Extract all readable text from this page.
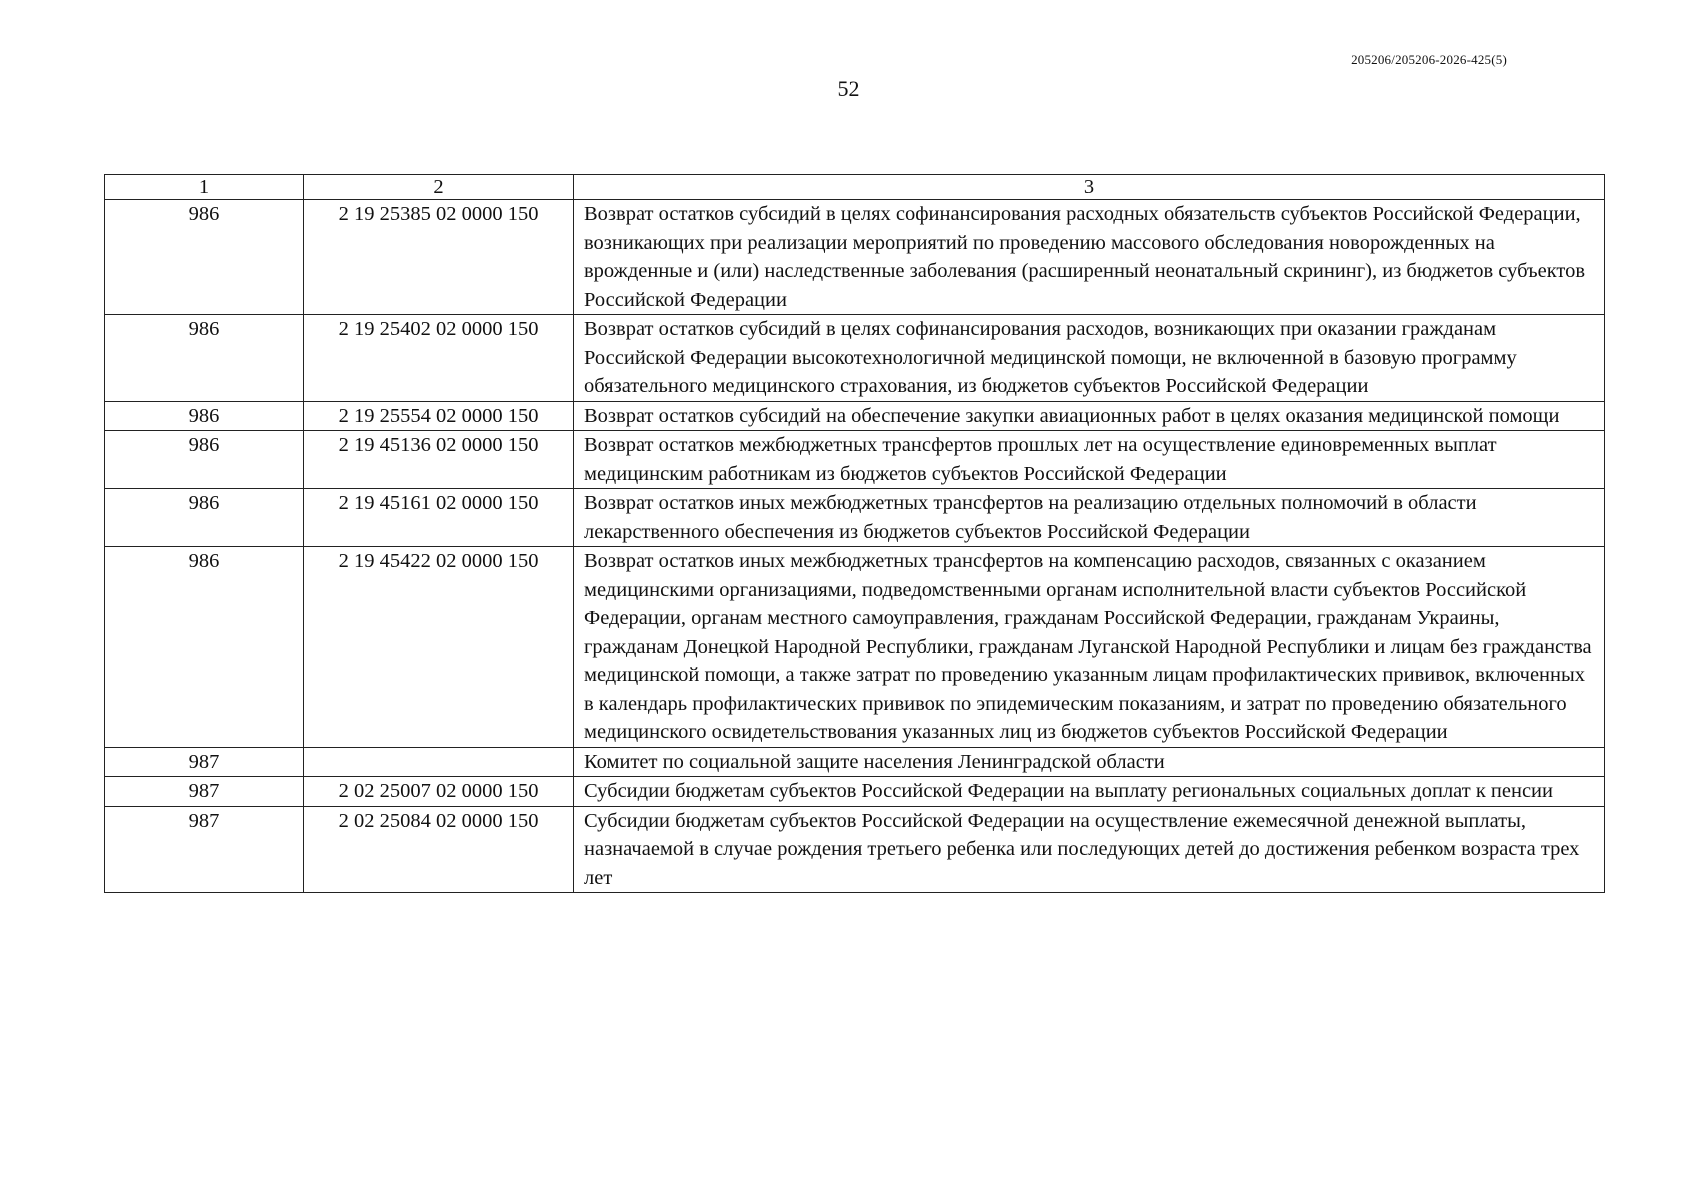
205206/205206-2026-425(5)
52
1	2	3
986	2 19 25385 02 0000 150	Возврат остатков субсидий в целях софинансирования расходных обязательств субъектов Российской Федерации, возникающих при реализации мероприятий по проведению массового обследования новорожденных на врожденные и (или) наследственные заболевания (расширенный неонатальный скрининг), из бюджетов субъектов Российской Федерации
986	2 19 25402 02 0000 150	Возврат остатков субсидий в целях софинансирования расходов, возникающих при оказании гражданам Российской Федерации высокотехнологичной медицинской помощи, не включенной в базовую программу обязательного медицинского страхования, из бюджетов субъектов Российской Федерации
986	2 19 25554 02 0000 150	Возврат остатков субсидий на обеспечение закупки авиационных работ в целях оказания медицинской помощи
986	2 19 45136 02 0000 150	Возврат остатков межбюджетных трансфертов прошлых лет на осуществление единовременных выплат медицинским работникам из бюджетов субъектов Российской Федерации
986	2 19 45161 02 0000 150	Возврат остатков иных межбюджетных трансфертов на реализацию отдельных полномочий в области лекарственного обеспечения из бюджетов субъектов Российской Федерации
986	2 19 45422 02 0000 150	Возврат остатков иных межбюджетных трансфертов на компенсацию расходов, связанных с оказанием медицинскими организациями, подведомственными органам исполнительной власти субъектов Российской Федерации, органам местного самоуправления, гражданам Российской Федерации, гражданам Украины, гражданам Донецкой Народной Республики, гражданам Луганской Народной Республики и лицам без гражданства медицинской помощи, а также затрат по проведению указанным лицам профилактических прививок, включенных в календарь профилактических прививок по эпидемическим показаниям, и затрат по проведению обязательного медицинского освидетельствования указанных лиц из бюджетов субъектов Российской Федерации
987		Комитет по социальной защите населения Ленинградской области
987	2 02 25007 02 0000 150	Субсидии бюджетам субъектов Российской Федерации на выплату региональных социальных доплат к пенсии
987	2 02 25084 02 0000 150	Субсидии бюджетам субъектов Российской Федерации на осуществление ежемесячной денежной выплаты, назначаемой в случае рождения третьего ребенка или последующих детей до достижения ребенком возраста трех лет
